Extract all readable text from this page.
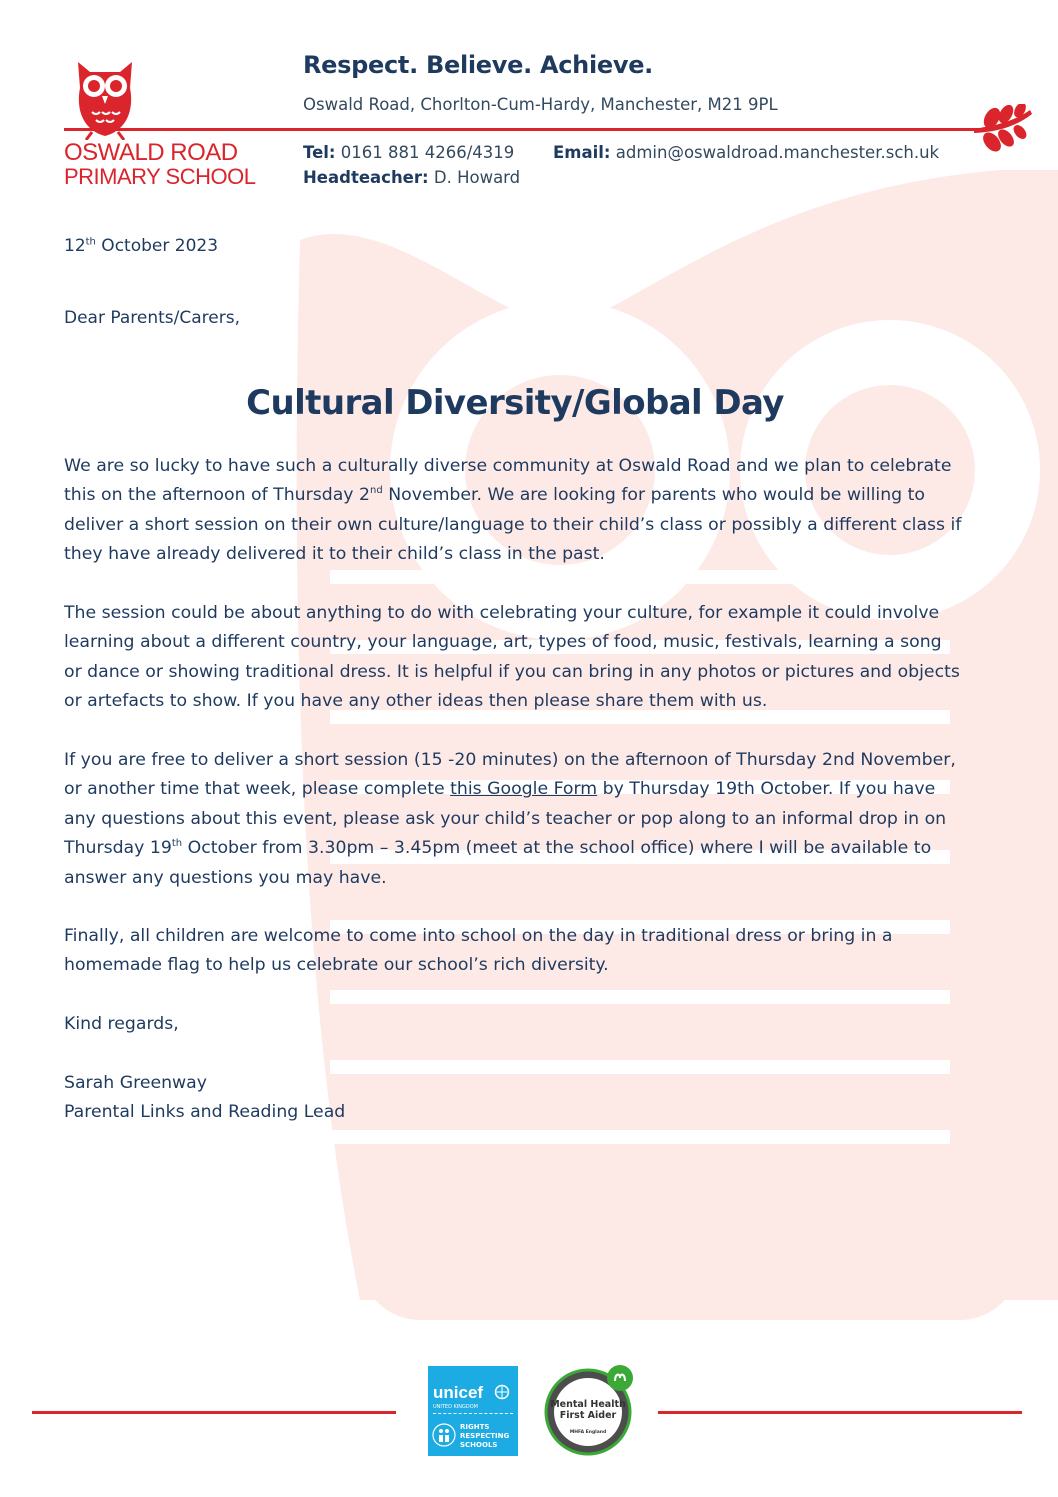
OSWALD ROAD
PRIMARY SCHOOL
Respect. Believe. Achieve.
Oswald Road, Chorlton-Cum-Hardy, Manchester, M21 9PL
Tel: 0161 881 4266/4319 Email: admin@oswaldroad.manchester.sch.uk
Headteacher: D. Howard
12th October 2023
Dear Parents/Carers,
Cultural Diversity/Global Day
We are so lucky to have such a culturally diverse community at Oswald Road and we plan to celebrate this on the afternoon of Thursday 2nd November. We are looking for parents who would be willing to deliver a short session on their own culture/language to their child’s class or possibly a different class if they have already delivered it to their child’s class in the past.
The session could be about anything to do with celebrating your culture, for example it could involve learning about a different country, your language, art, types of food, music, festivals, learning a song or dance or showing traditional dress. It is helpful if you can bring in any photos or pictures and objects or artefacts to show. If you have any other ideas then please share them with us.
If you are free to deliver a short session (15 -20 minutes) on the afternoon of Thursday 2nd November, or another time that week, please complete this Google Form by Thursday 19th October. If you have any questions about this event, please ask your child’s teacher or pop along to an informal drop in on Thursday 19th October from 3.30pm – 3.45pm (meet at the school office) where I will be available to answer any questions you may have.
Finally, all children are welcome to come into school on the day in traditional dress or bring in a homemade flag to help us celebrate our school’s rich diversity.
Kind regards,
Sarah Greenway
Parental Links and Reading Lead
unicef
UNITED KINGDOM
RIGHTS
RESPECTING
SCHOOLS
Mental Health
First Aider
MHFA England
